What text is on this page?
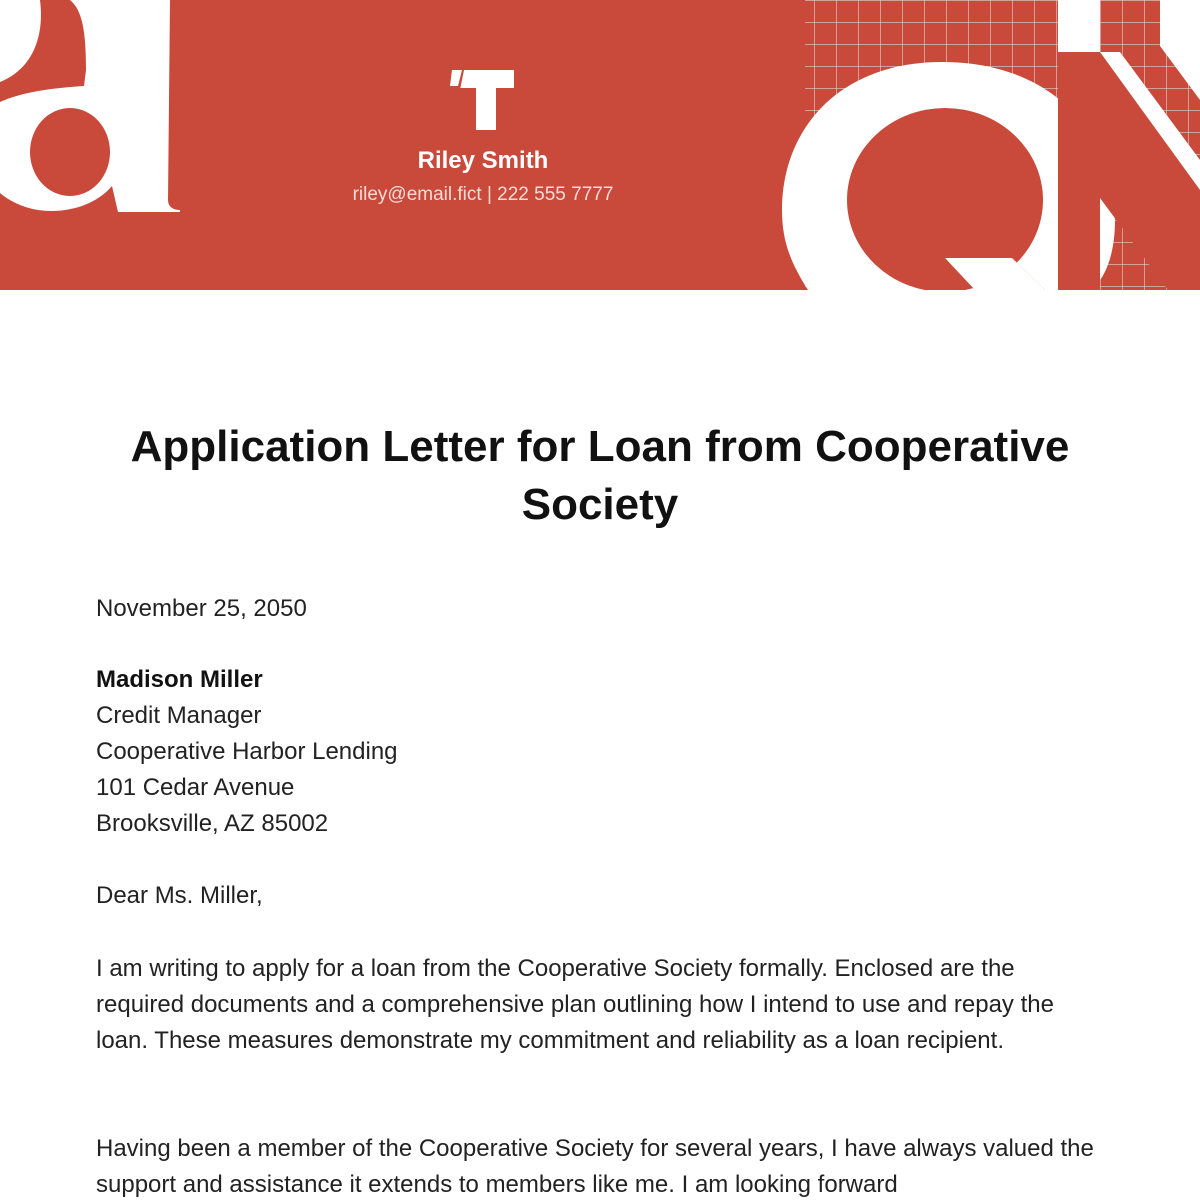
Riley Smith
riley@email.fict | 222 555 7777
Application Letter for Loan from Cooperative Society
November 25, 2050
Madison Miller
Credit Manager
Cooperative Harbor Lending
101 Cedar Avenue
Brooksville, AZ 85002
Dear Ms. Miller,
I am writing to apply for a loan from the Cooperative Society formally. Enclosed are the required documents and a comprehensive plan outlining how I intend to use and repay the loan. These measures demonstrate my commitment and reliability as a loan recipient.
Having been a member of the Cooperative Society for several years, I have always valued the support and assistance it extends to members like me. I am looking forward
